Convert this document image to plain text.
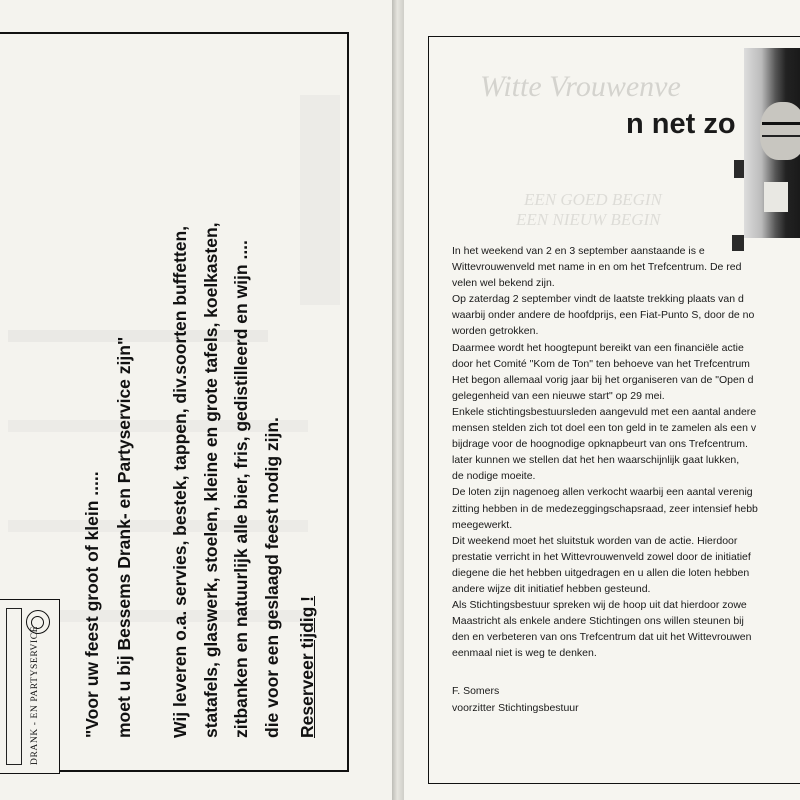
DRANK - EN PARTYSERVICE "Voor uw feest groot of klein ..... moet u bij Bessems Drank- en Partyservice zijn" Wij leveren o.a. servies, bestek, tappen, div.soorten buffetten, statafels, glaswerk, stoelen, kleine en grote tafels, koelkasten, zitbanken en natuurlijk alle bier, fris, gedistilleerd en wijn .... die voor een geslaagd feest nodig zijn. Reserveer tijdig !
Witte Vrouwenve
n net zo
EEN GOED BEGIN
EEN NIEUW BEGIN
In het weekend van 2 en 3 september aanstaande is e
Wittevrouwenveld met name in en om het Trefcentrum. De red
velen wel bekend zijn.
Op zaterdag 2 september vindt de laatste trekking plaats van d
waarbij onder andere de hoofdprijs, een Fiat-Punto S, door de no
worden getrokken.
Daarmee wordt het hoogtepunt bereikt van een financiële actie
door het Comité "Kom de Ton" ten behoeve van het Trefcentrum
Het begon allemaal vorig jaar bij het organiseren van de "Open d
gelegenheid van een nieuwe start" op 29 mei.
Enkele stichtingsbestuursleden aangevuld met een aantal andere
mensen stelden zich tot doel een ton geld in te zamelen als een v
bijdrage voor de hoognodige opknapbeurt van ons Trefcentrum.
later kunnen we stellen dat het hen waarschijnlijk gaat lukken,
de nodige moeite.
De loten zijn nagenoeg allen verkocht waarbij een aantal verenig
zitting hebben in de medezeggingschapsraad, zeer intensief hebb
meegewerkt.
Dit weekend moet het sluitstuk worden van de actie. Hierdoor
prestatie verricht in het Wittevrouwenveld zowel door de initiatief
diegene die het hebben uitgedragen en u allen die loten hebben
andere wijze dit initiatief hebben gesteund.
Als Stichtingsbestuur spreken wij de hoop uit dat hierdoor zowe
Maastricht als enkele andere Stichtingen ons willen steunen bij
den en verbeteren van ons Trefcentrum dat uit het Wittevrouwen
eenmaal niet is weg te denken.
F. Somers
voorzitter Stichtingsbestuur
